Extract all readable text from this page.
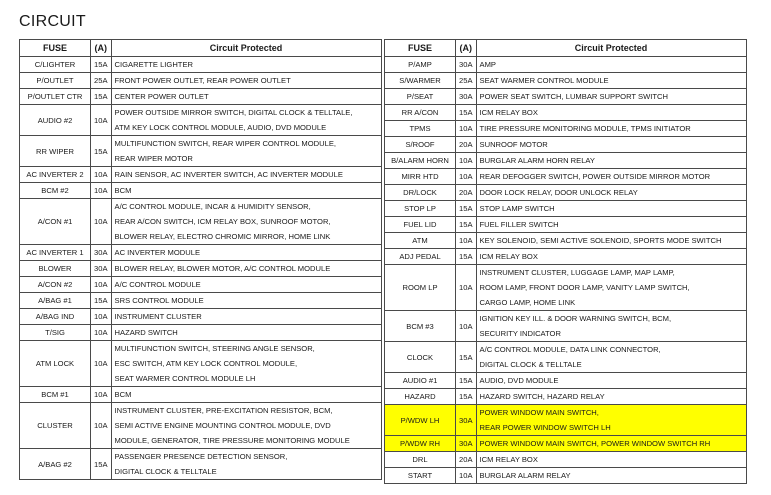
CIRCUIT
FUSE	(A)	Circuit Protected
C/LIGHTER	15A	CIGARETTE LIGHTER

P/OUTLET	25A	FRONT POWER OUTLET, REAR POWER OUTLET

P/OUTLET CTR	15A	CENTER POWER OUTLET

AUDIO #2	10A	POWER OUTSIDE MIRROR SWITCH, DIGITAL CLOCK & TELLTALE,
ATM KEY LOCK CONTROL MODULE, AUDIO, DVD MODULE

RR WIPER	15A	MULTIFUNCTION SWITCH, REAR WIPER CONTROL MODULE,
REAR WIPER MOTOR

AC INVERTER 2	10A	RAIN SENSOR, AC INVERTER SWITCH, AC INVERTER MODULE

BCM #2	10A	BCM

A/CON #1	10A	A/C CONTROL MODULE, INCAR & HUMIDITY SENSOR,
REAR A/CON SWITCH, ICM RELAY BOX, SUNROOF MOTOR,
BLOWER RELAY, ELECTRO CHROMIC MIRROR, HOME LINK

AC INVERTER 1	30A	AC INVERTER MODULE

BLOWER	30A	BLOWER RELAY, BLOWER MOTOR, A/C CONTROL MODULE

A/CON #2	10A	A/C CONTROL MODULE

A/BAG #1	15A	SRS CONTROL MODULE

A/BAG IND	10A	INSTRUMENT CLUSTER

T/SIG	10A	HAZARD SWITCH

ATM LOCK	10A	MULTIFUNCTION SWITCH, STEERING ANGLE SENSOR,
ESC SWITCH, ATM KEY LOCK CONTROL MODULE,
SEAT WARMER CONTROL MODULE LH

BCM #1	10A	BCM

CLUSTER	10A	INSTRUMENT CLUSTER, PRE-EXCITATION RESISTOR, BCM,
SEMI ACTIVE ENGINE MOUNTING CONTROL MODULE, DVD
MODULE, GENERATOR, TIRE PRESSURE MONITORING MODULE

A/BAG #2	15A	PASSENGER PRESENCE DETECTION SENSOR,
DIGITAL CLOCK & TELLTALE
FUSE	(A)	Circuit Protected
P/AMP	30A	AMP

S/WARMER	25A	SEAT WARMER CONTROL MODULE

P/SEAT	30A	POWER SEAT SWITCH, LUMBAR SUPPORT SWITCH

RR A/CON	15A	ICM RELAY BOX

TPMS	10A	TIRE PRESSURE MONITORING MODULE, TPMS INITIATOR

S/ROOF	20A	SUNROOF MOTOR

B/ALARM HORN	10A	BURGLAR ALARM HORN RELAY

MIRR HTD	10A	REAR DEFOGGER SWITCH, POWER OUTSIDE MIRROR MOTOR

DR/LOCK	20A	DOOR LOCK RELAY, DOOR UNLOCK RELAY

STOP LP	15A	STOP LAMP SWITCH

FUEL LID	15A	FUEL FILLER SWITCH

ATM	10A	KEY SOLENOID, SEMI ACTIVE SOLENOID, SPORTS MODE SWITCH

ADJ PEDAL	15A	ICM RELAY BOX

ROOM LP	10A	INSTRUMENT CLUSTER, LUGGAGE LAMP, MAP LAMP,
ROOM LAMP, FRONT DOOR LAMP, VANITY LAMP SWITCH,
CARGO LAMP, HOME LINK

BCM #3	10A	IGNITION KEY ILL. & DOOR WARNING SWITCH, BCM,
SECURITY INDICATOR

CLOCK	15A	A/C CONTROL MODULE, DATA LINK CONNECTOR,
DIGITAL CLOCK & TELLTALE

AUDIO #1	15A	AUDIO, DVD MODULE

HAZARD	15A	HAZARD SWITCH, HAZARD RELAY

P/WDW LH	30A	POWER WINDOW MAIN SWITCH,
REAR POWER WINDOW SWITCH LH

P/WDW RH	30A	POWER WINDOW MAIN SWITCH, POWER WINDOW SWITCH RH

DRL	20A	ICM RELAY BOX

START	10A	BURGLAR ALARM RELAY
